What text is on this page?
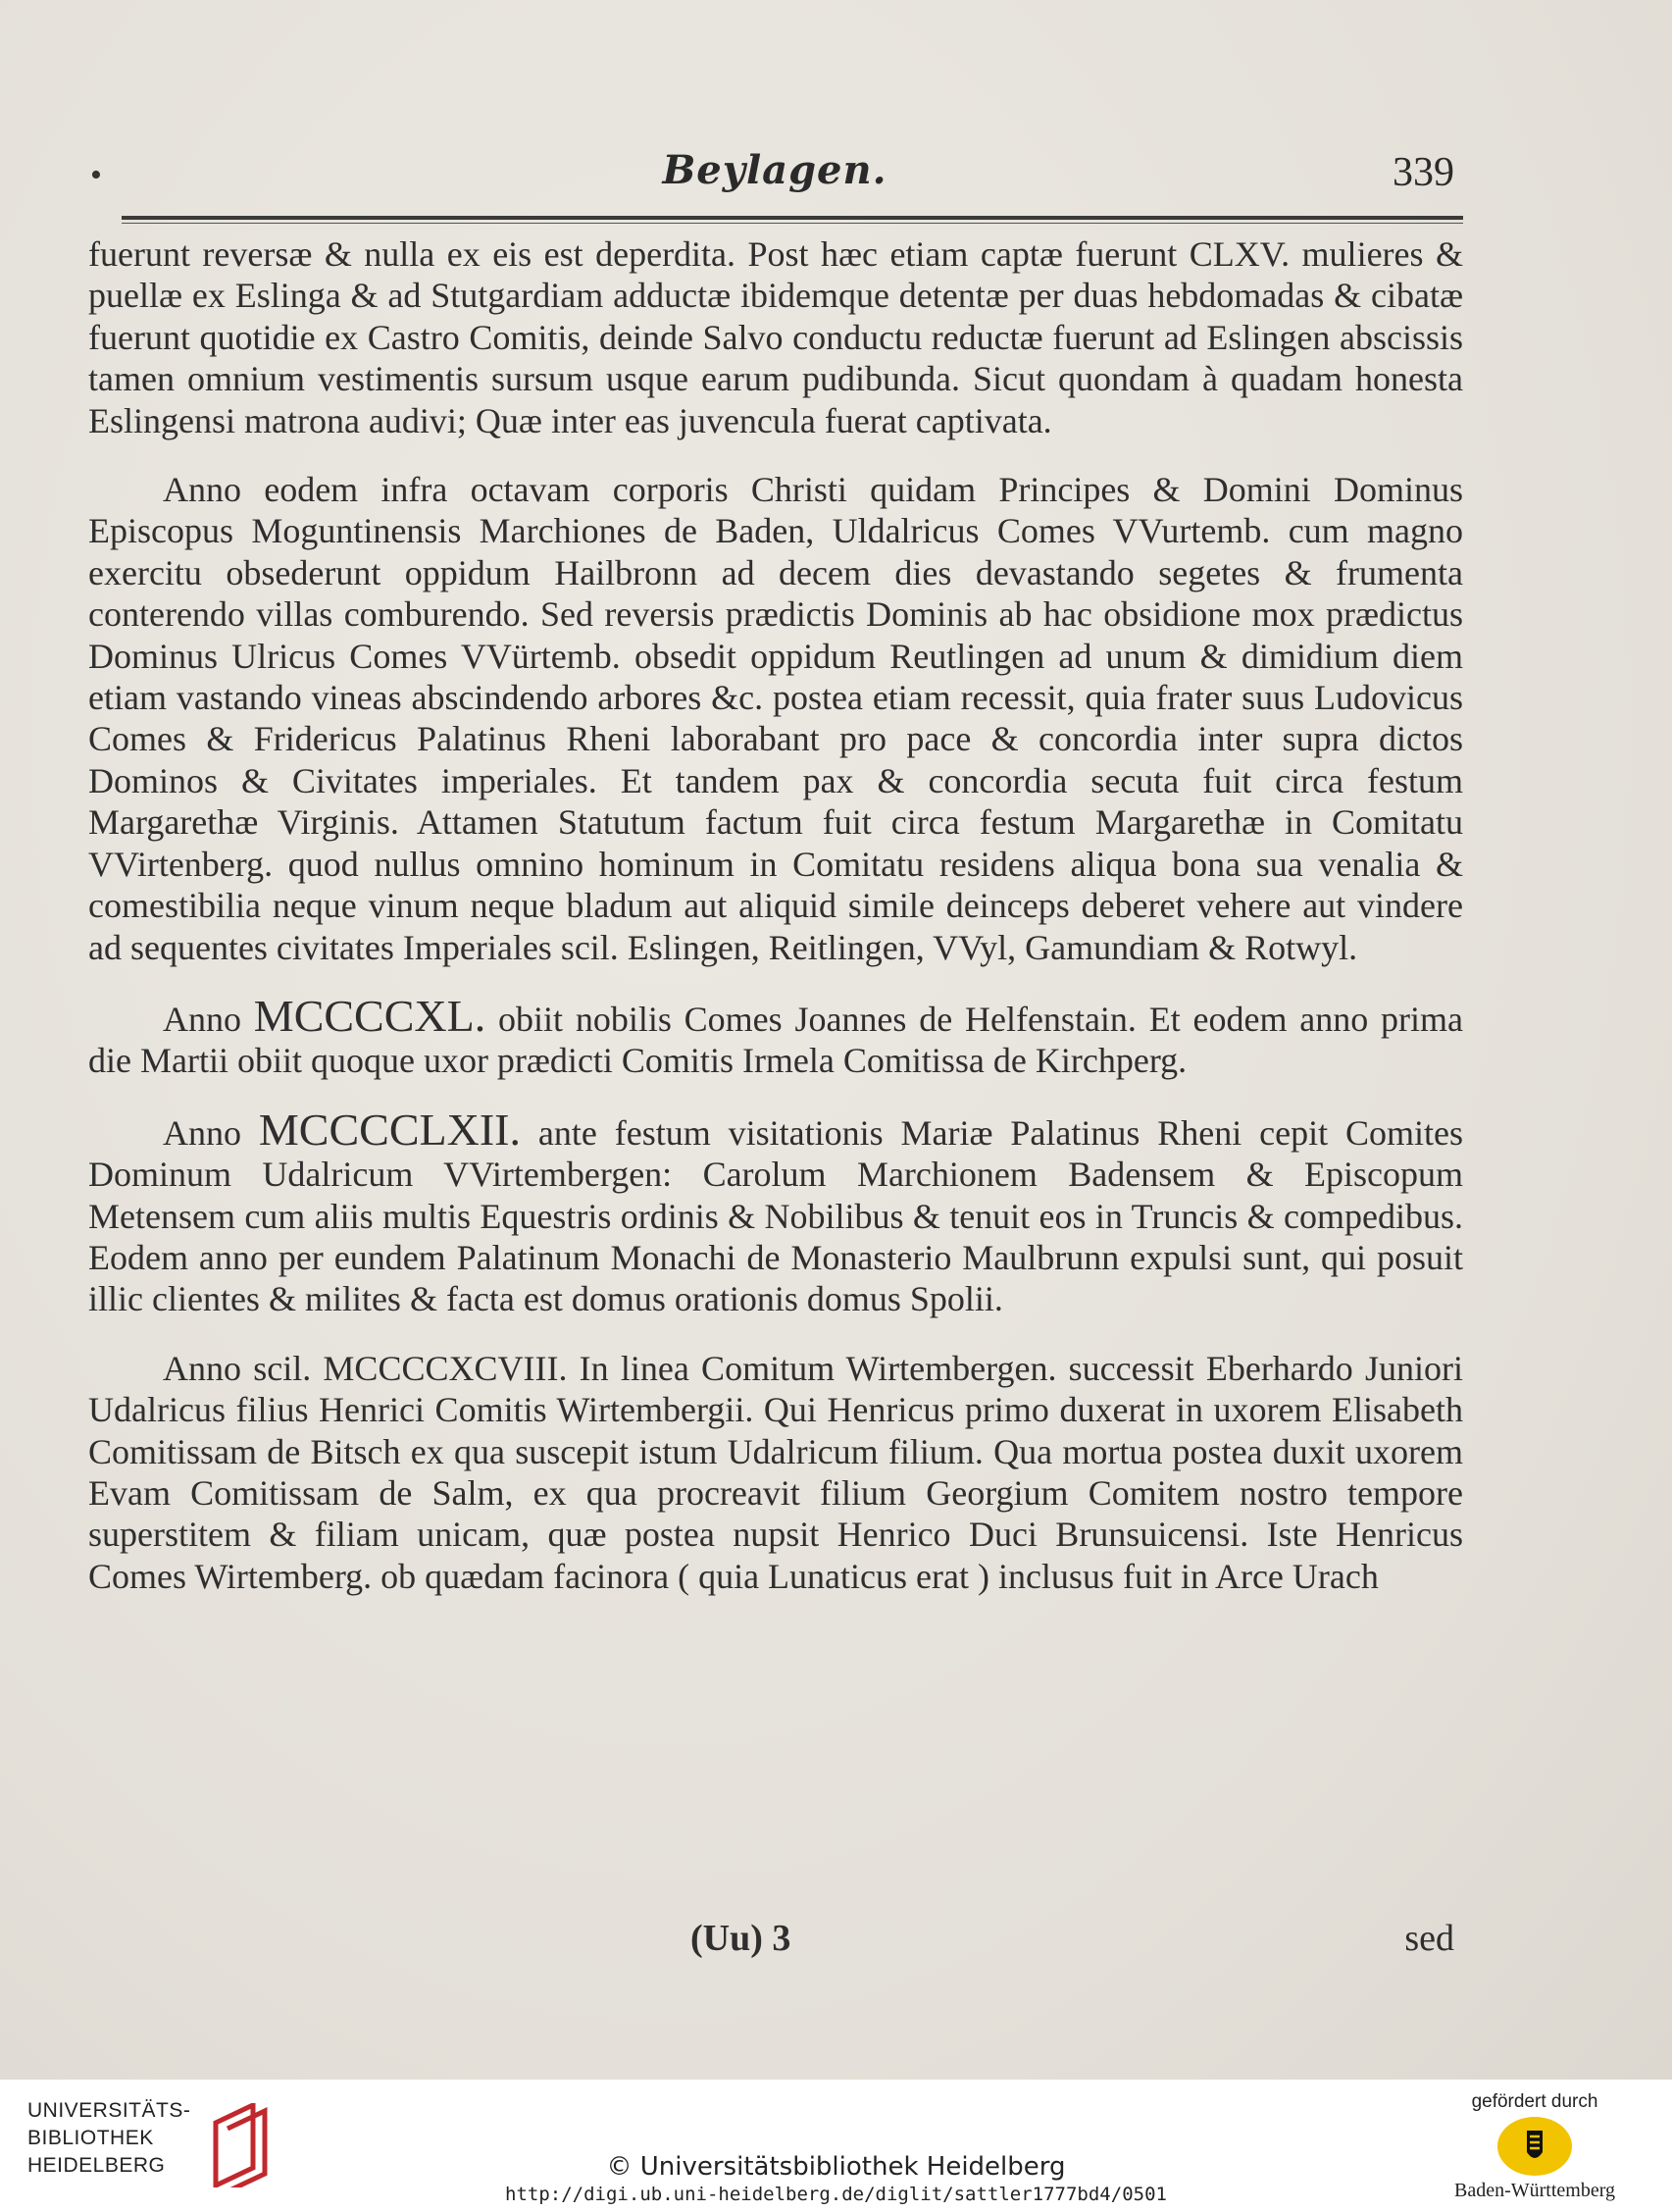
•	Beylagen.	339

fuerunt reversæ & nulla ex eis est deperdita. Post hæc etiam captæ fuerunt CLXV. mulieres & puellæ ex Eslinga & ad Stutgardiam adductæ ibidemque detentæ per duas hebdomadas & cibatæ fuerunt quotidie ex Castro Comitis, deinde Salvo conductu reductæ fuerunt ad Eslingen abscissis tamen omnium vestimentis sursum usque earum pudibunda. Sicut quondam à quadam honesta Eslingensi matrona audivi; Quæ inter eas juvencula fuerat captivata.

Anno eodem infra octavam corporis Christi quidam Principes & Domini Dominus Episcopus Moguntinensis Marchiones de Baden, Uldalricus Comes VVurtemb. cum magno exercitu obsederunt oppidum Hailbronn ad decem dies devastando segetes & frumenta conterendo villas comburendo. Sed reversis prædictis Dominis ab hac obsidione mox prædictus Dominus Ulricus Comes VVürtemb. obsedit oppidum Reutlingen ad unum & dimidium diem etiam vastando vineas abscindendo arbores &c. postea etiam recessit, quia frater suus Ludovicus Comes & Fridericus Palatinus Rheni laborabant pro pace & concordia inter supra dictos Dominos & Civitates imperiales. Et tandem pax & concordia secuta fuit circa festum Margarethæ Virginis. Attamen Statutum factum fuit circa festum Margarethæ in Comitatu VVirtenberg. quod nullus omnino hominum in Comitatu residens aliqua bona sua venalia & comestibilia neque vinum neque bladum aut aliquid simile deinceps deberet vehere aut vindere ad sequentes civitates Imperiales scil. Eslingen, Reitlingen, VVyl, Gamundiam & Rotwyl.

Anno MCCCCXL. obiit nobilis Comes Joannes de Helfenstain. Et eodem anno prima die Martii obiit quoque uxor prædicti Comitis Irmela Comitissa de Kirchperg.

Anno MCCCCLXII. ante festum visitationis Mariæ Palatinus Rheni cepit Comites Dominum Udalricum VVirtembergen: Carolum Marchionem Badensem & Episcopum Metensem cum aliis multis Equestris ordinis & Nobilibus & tenuit eos in Truncis & compedibus. Eodem anno per eundem Palatinum Monachi de Monasterio Maulbrunn expulsi sunt, qui posuit illic clientes & milites & facta est domus orationis domus Spolii.

Anno scil. MCCCCXCVIII. In linea Comitum Wirtembergen. successit Eberhardo Juniori Udalricus filius Henrici Comitis Wirtembergii. Qui Henricus primo duxerat in uxorem Elisabeth Comitissam de Bitsch ex qua suscepit istum Udalricum filium. Qua mortua postea duxit uxorem Evam Comitissam de Salm, ex qua procreavit filium Georgium Comitem nostro tempore superstitem & filiam unicam, quæ postea nupsit Henrico Duci Brunsuicensi. Iste Henricus Comes Wirtemberg. ob quædam facinora ( quia Lunaticus erat ) inclusus fuit in Arce Urach

(Uu) 3	sed
UNIVERSITÄTS-
BIBLIOTHEK
HEIDELBERG	© Universitätsbibliothek Heidelberg
http://digi.ub.uni-heidelberg.de/diglit/sattler1777bd4/0501
gefördert durch
Baden-Württemberg
